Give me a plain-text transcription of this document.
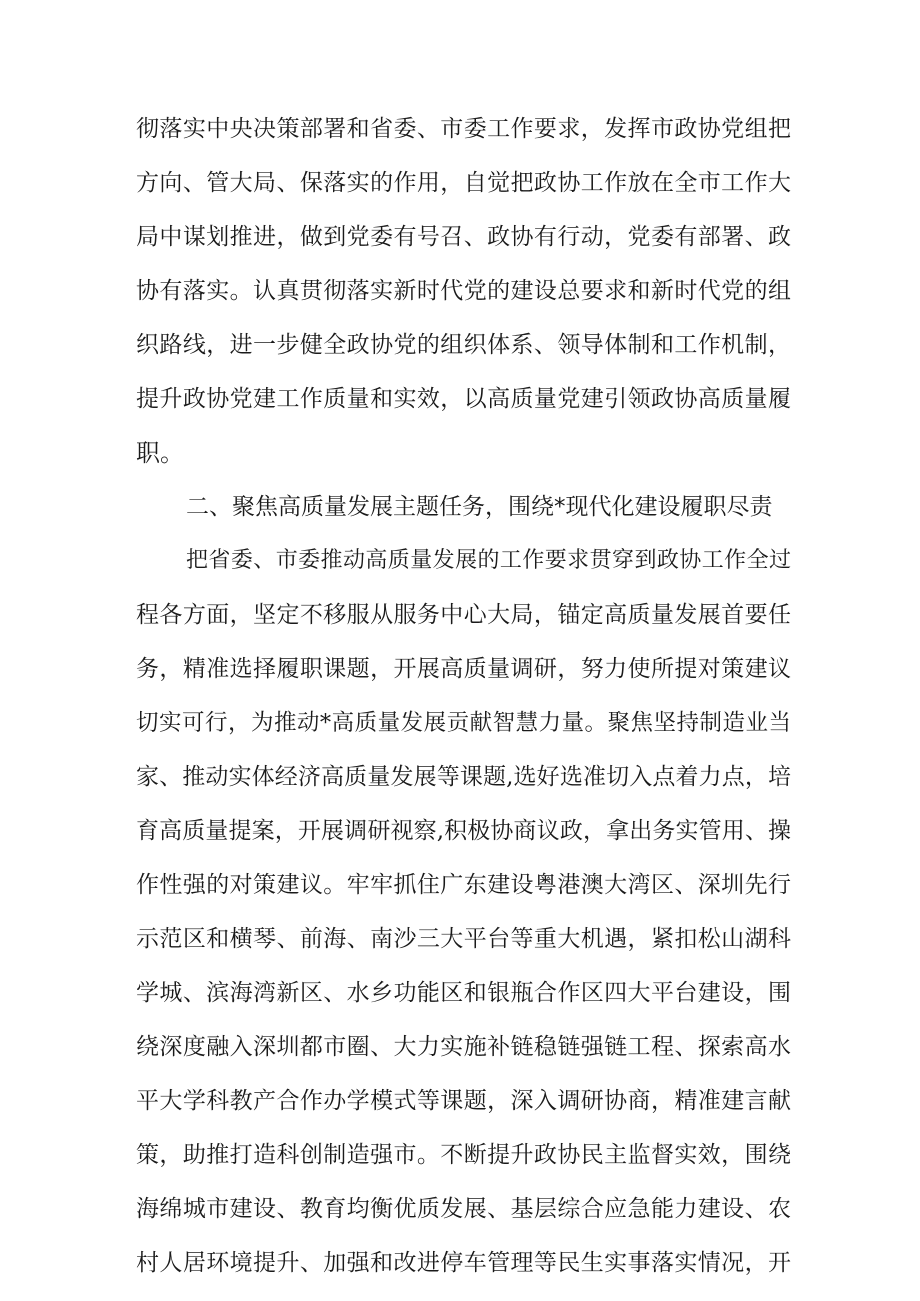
彻落实中央决策部署和省委、市委工作要求，发挥市政协党组把
方向、管大局、保落实的作用，自觉把政协工作放在全市工作大
局中谋划推进，做到党委有号召、政协有行动，党委有部署、政
协有落实。认真贯彻落实新时代党的建设总要求和新时代党的组
织路线，进一步健全政协党的组织体系、领导体制和工作机制，
提升政协党建工作质量和实效，以高质量党建引领政协高质量履
职。
二、聚焦高质量发展主题任务，围绕*现代化建设履职尽责
把省委、市委推动高质量发展的工作要求贯穿到政协工作全过
程各方面，坚定不移服从服务中心大局，锚定高质量发展首要任
务，精准选择履职课题，开展高质量调研，努力使所提对策建议
切实可行，为推动*高质量发展贡献智慧力量。聚焦坚持制造业当
家、推动实体经济高质量发展等课题,选好选准切入点着力点，培
育高质量提案，开展调研视察,积极协商议政，拿出务实管用、操
作性强的对策建议。牢牢抓住广东建设粤港澳大湾区、深圳先行
示范区和横琴、前海、南沙三大平台等重大机遇，紧扣松山湖科
学城、滨海湾新区、水乡功能区和银瓶合作区四大平台建设，围
绕深度融入深圳都市圈、大力实施补链稳链强链工程、探索高水
平大学科教产合作办学模式等课题，深入调研协商，精准建言献
策，助推打造科创制造强市。不断提升政协民主监督实效，围绕
海绵城市建设、教育均衡优质发展、基层综合应急能力建设、农
村人居环境提升、加强和改进停车管理等民生实事落实情况，开
